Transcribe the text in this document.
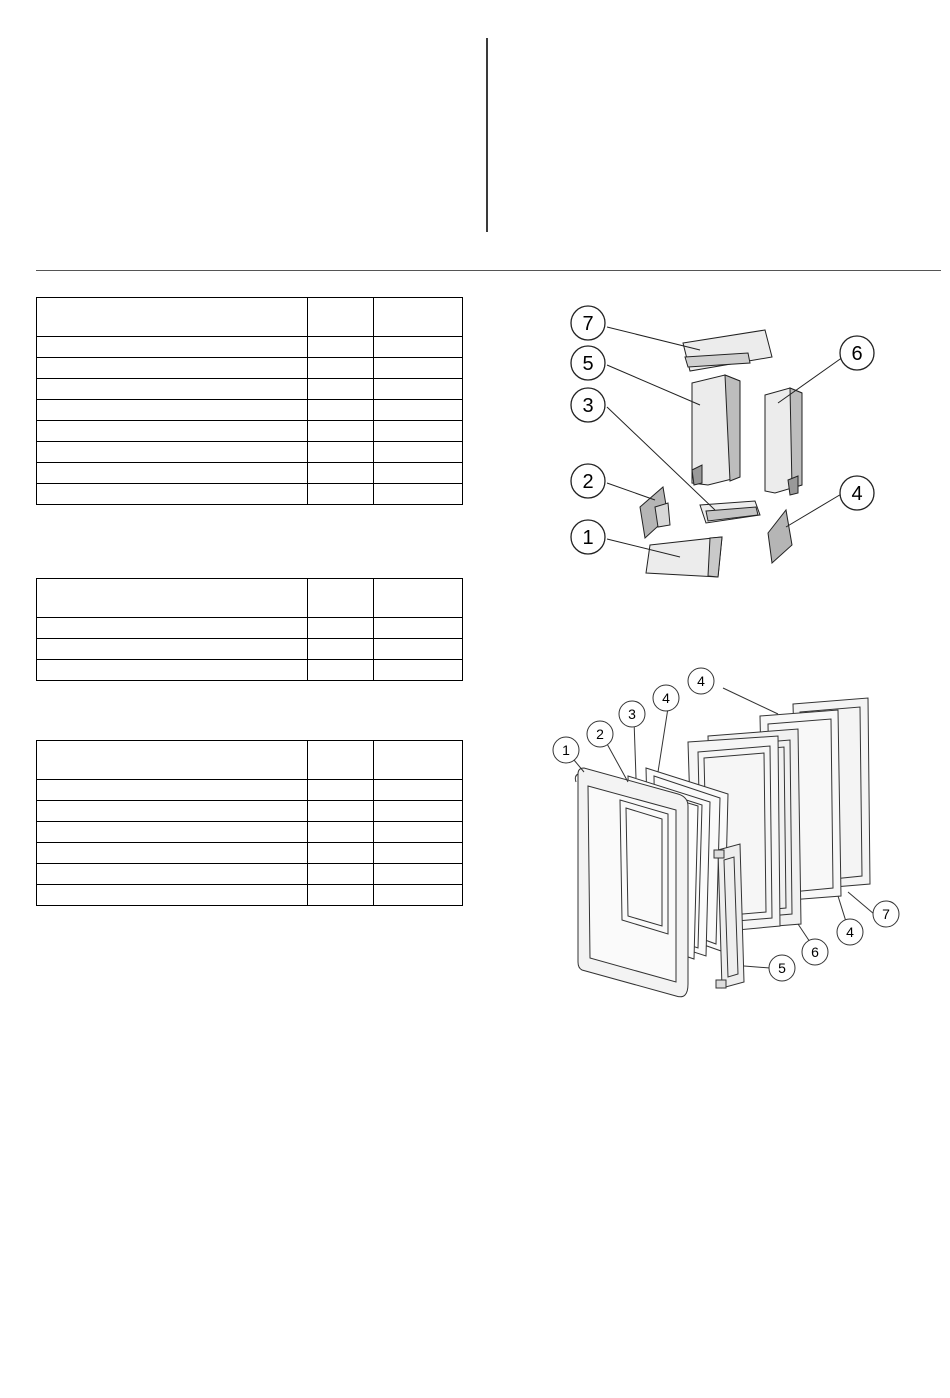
7
5
3
2
1
6
4
1
2
3
4
4
7
4
6
5
